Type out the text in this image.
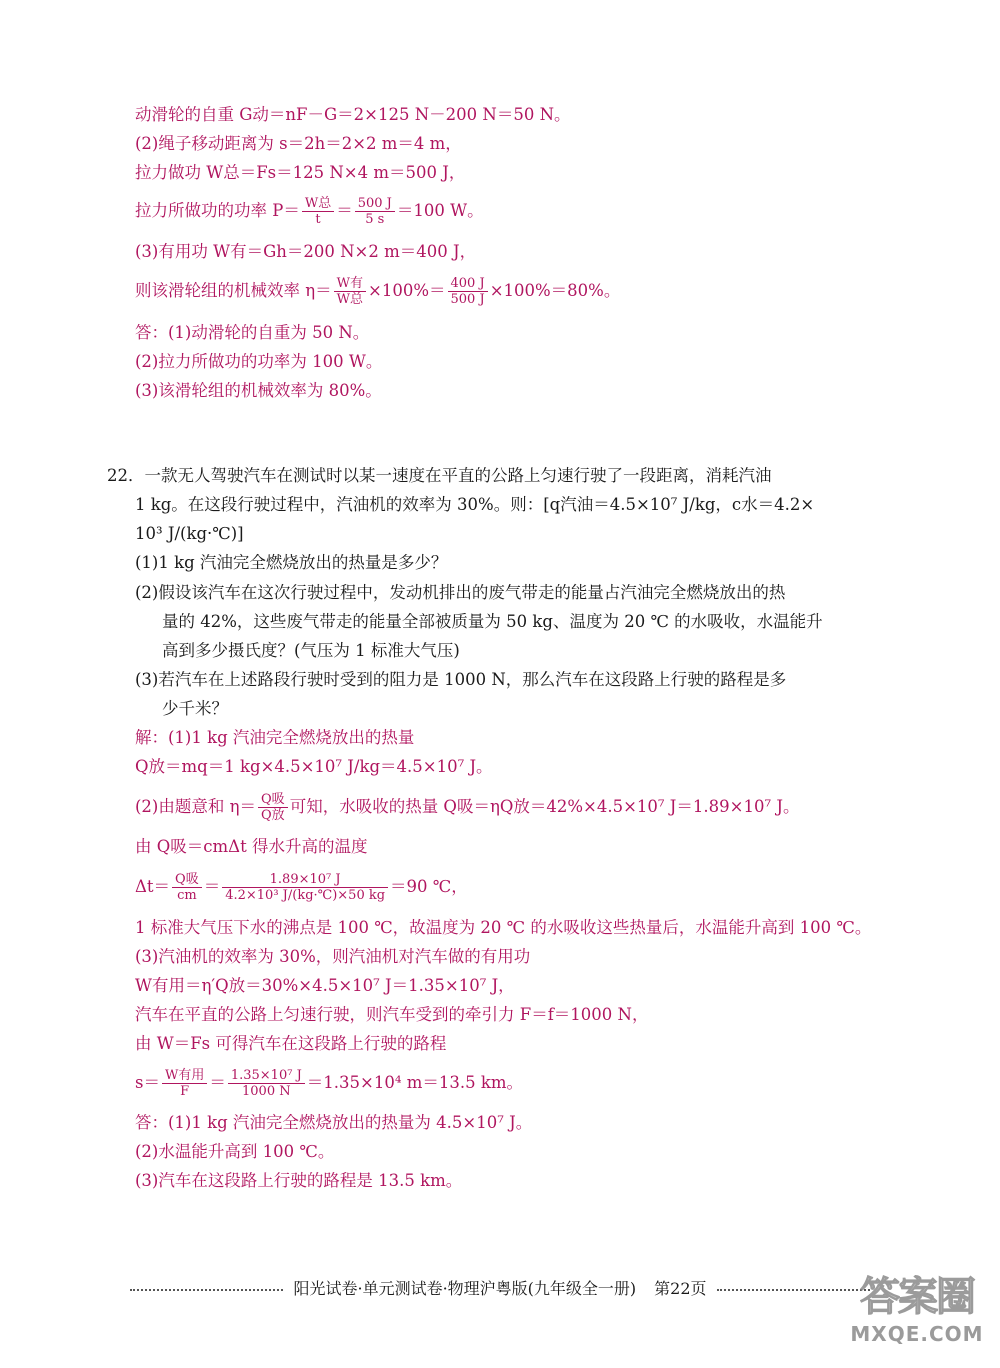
动滑轮的自重 G动＝nF－G＝2×125 N－200 N＝50 N。
(2)绳子移动距离为 s＝2h＝2×2 m＝4 m，
拉力做功 W总＝Fs＝125 N×4 m＝500 J，
拉力所做功的功率 $P= \frac{\text{W总}}{t} = \frac{500 J}{5 s} =100$ W。
(3)有用功 W有＝Gh＝200 N×2 m＝400 J，
则该滑轮组的机械效率 $\eta= \frac{\text{W有}}{\text{W总}} \times 100\%= \frac{400 J}{500 J} \times 100\%=80\%$。
答：(1)动滑轮的自重为 50 N。
(2)拉力所做功的功率为 100 W。
(3)该滑轮组的机械效率为 80%。
22．一款无人驾驶汽车在测试时以某一速度在平直的公路上匀速行驶了一段距离，消耗汽油
1 kg。在这段行驶过程中，汽油机的效率为 30%。则：[q汽油＝4.5×10⁷ J/kg，c水＝4.2×
10³ J/(kg·℃)]
(1)1 kg 汽油完全燃烧放出的热量是多少？
(2)假设该汽车在这次行驶过程中，发动机排出的废气带走的能量占汽油完全燃烧放出的热
量的 42%，这些废气带走的能量全部被质量为 50 kg、温度为 20 ℃ 的水吸收，水温能升
高到多少摄氏度？(气压为 1 标准大气压)
(3)若汽车在上述路段行驶时受到的阻力是 1000 N，那么汽车在这段路上行驶的路程是多
少千米？
解：(1)1 kg 汽油完全燃烧放出的热量
Q放＝mq＝1 kg×4.5×10⁷ J/kg＝4.5×10⁷ J。
(2)由题意和 $\eta= \frac{\text{Q吸}}{\text{Q放}}$ 可知，水吸收的热量 Q吸＝ηQ放＝42%×4.5×10⁷ J＝1.89×10⁷ J。
由 Q吸＝cmΔt 得水升高的温度
$\Delta t= \frac{\text{Q吸}}{cm} = \frac{\text{1.89×10⁷ J}}{\text{4.2×10³ J/(kg·℃)×50 kg}} =90$ ℃，
1 标准大气压下水的沸点是 100 ℃，故温度为 20 ℃ 的水吸收这些热量后，水温能升高到 100 ℃。
(3)汽油机的效率为 30%，则汽油机对汽车做的有用功
W有用＝η′Q放＝30%×4.5×10⁷ J＝1.35×10⁷ J，
汽车在平直的公路上匀速行驶，则汽车受到的牵引力 F＝f＝1000 N，
由 W＝Fs 可得汽车在这段路上行驶的路程
$s= \frac{\text{W有用}}{F} = \frac{\text{1.35×10⁷ J}}{1000 N} =1.35\times 10^4$ m＝13.5 km。
答：(1)1 kg 汽油完全燃烧放出的热量为 4.5×10⁷ J。
(2)水温能升高到 100 ℃。
(3)汽车在这段路上行驶的路程是 13.5 km。
阳光试卷·单元测试卷·物理沪粤版(九年级全一册) 第22页	答案圈
MXQE.COM
